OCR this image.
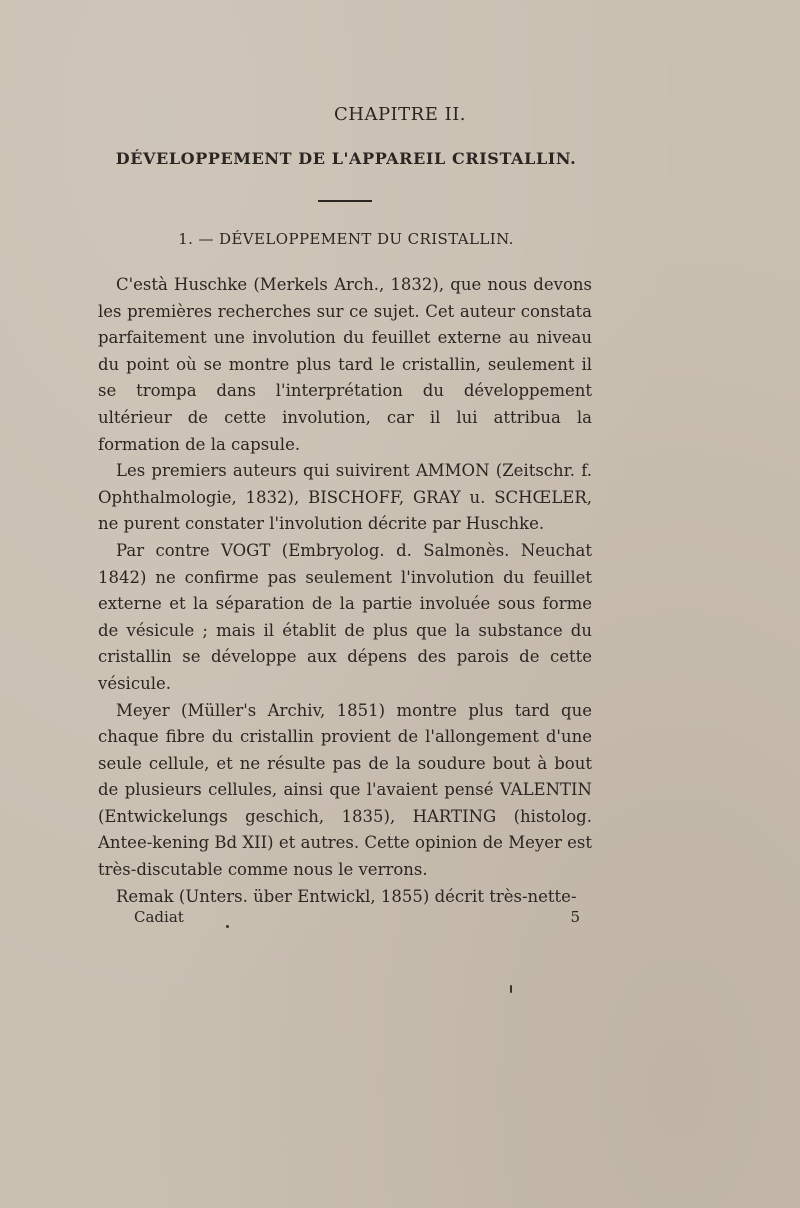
CHAPITRE II.
DÉVELOPPEMENT DE L'APPAREIL CRISTALLIN.
1. — DÉVELOPPEMENT DU CRISTALLIN.

C'està Huschke (Merkels Arch., 1832), que nous devons les premières recherches sur ce sujet. Cet auteur constata parfaitement une involution du feuillet externe au niveau du point où se montre plus tard le cristallin, seulement il se trompa dans l'interprétation du développement ultérieur de cette involution, car il lui attribua la formation de la capsule.

Les premiers auteurs qui suivirent AMMON (Zeitschr. f. Ophthalmologie, 1832), BISCHOFF, GRAY u. SCHŒLER, ne purent constater l'involution décrite par Huschke.

Par contre VOGT (Embryolog. d. Salmonès. Neuchat 1842) ne confirme pas seulement l'involution du feuillet externe et la séparation de la partie involuée sous forme de vésicule ; mais il établit de plus que la substance du cristallin se développe aux dépens des parois de cette vésicule.

Meyer (Müller's Archiv, 1851) montre plus tard que chaque fibre du cristallin provient de l'allongement d'une seule cellule, et ne résulte pas de la soudure bout à bout de plusieurs cellules, ainsi que l'avaient pensé VALENTIN (Entwickelungs geschich, 1835), HARTING (histolog. Antee-kening Bd XII) et autres. Cette opinion de Meyer est très-discutable comme nous le verrons.

Remak (Unters. über Entwickl, 1855) décrit très-nette-

Cadiat	5
